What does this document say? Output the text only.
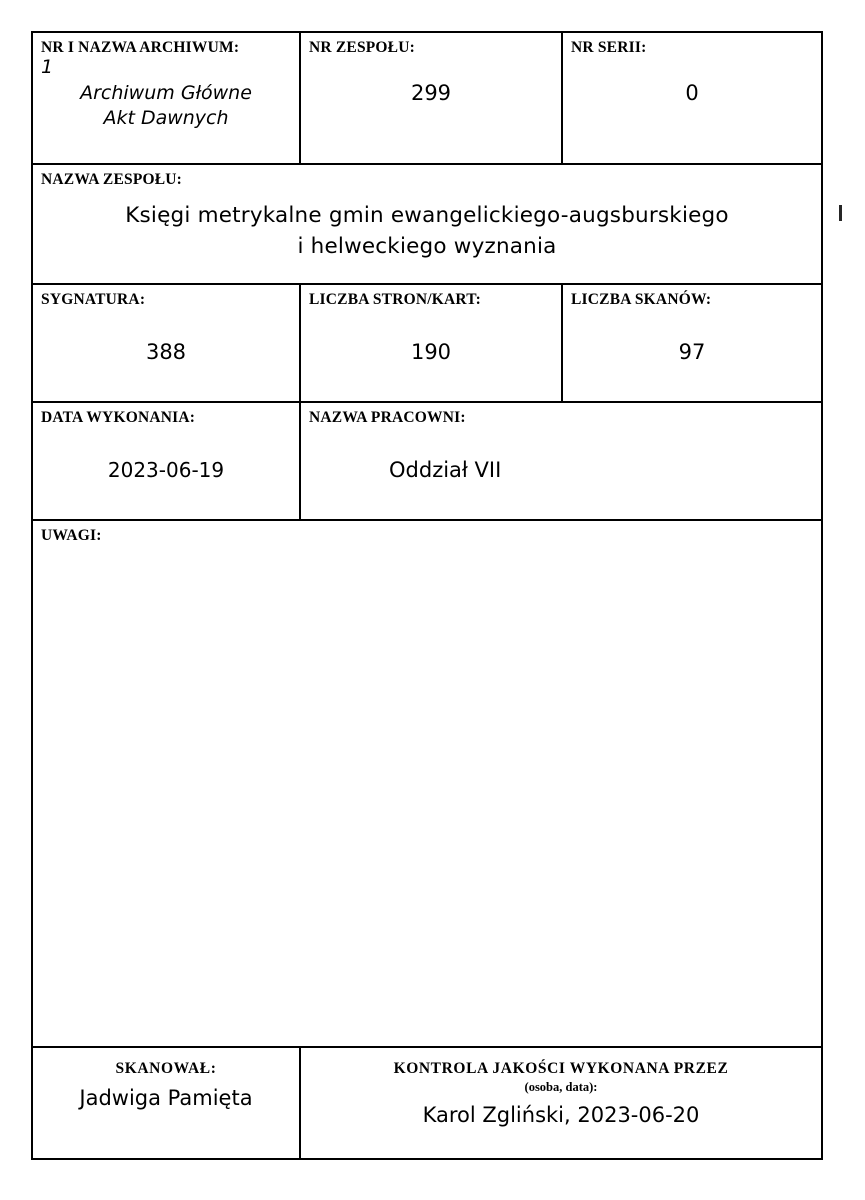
NR I NAZWA ARCHIWUM:
1
Archiwum Główne
Akt Dawnych
NR ZESPOŁU:
299
NR SERII:
0
NAZWA ZESPOŁU:
Księgi metrykalne gmin ewangelickiego-augsburskiego
i helweckiego wyznania
SYGNATURA:
388
LICZBA STRON/KART:
190
LICZBA SKANÓW:
97
DATA WYKONANIA:
2023-06-19
NAZWA PRACOWNI:
Oddział VII
UWAGI:
SKANOWAŁ:
Jadwiga Pamięta
KONTROLA JAKOŚCI WYKONANA PRZEZ
(osoba, data):
Karol Zgliński, 2023-06-20
